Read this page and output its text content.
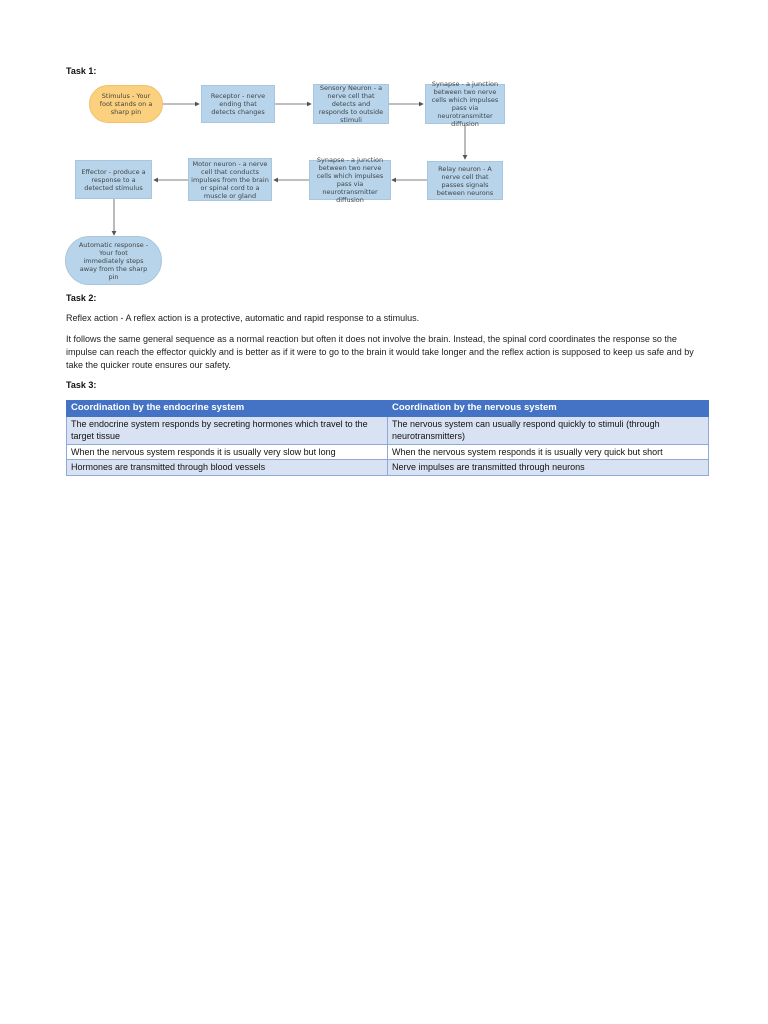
Task 1:
Stimulus - Your foot stands on a sharp pin
Receptor - nerve ending that detects changes
Sensory Neuron - a nerve cell that detects and responds to outside stimuli
Synapse - a junction between two nerve cells which impulses pass via neurotransmitter diffusion
Relay neuron - A nerve cell that passes signals between neurons
Synapse - a junction between two nerve cells which impulses pass via neurotransmitter diffusion
Motor neuron - a nerve cell that conducts impulses from the brain or spinal cord to a muscle or gland
Effector - produce a response to a detected stimulus
Automatic response - Your foot immediately steps away from the sharp pin
Task 2:
Reflex action - A reflex action is a protective, automatic and rapid response to a stimulus.
It follows the same general sequence as a normal reaction but often it does not involve the brain. Instead, the spinal cord coordinates the response so the impulse can reach the effector quickly and is better as if it were to go to the brain it would take longer and the reflex action is supposed to keep us safe and by take the quicker route ensures our safety.
Task 3:
Coordination by the endocrine system	Coordination by the nervous system
The endocrine system responds by secreting hormones which travel to the target tissue	The nervous system can usually respond quickly to stimuli (through neurotransmitters)
When the nervous system responds it is usually very slow but long	When the nervous system responds it is usually very quick but short
Hormones are transmitted through blood vessels	Nerve impulses are transmitted through neurons
